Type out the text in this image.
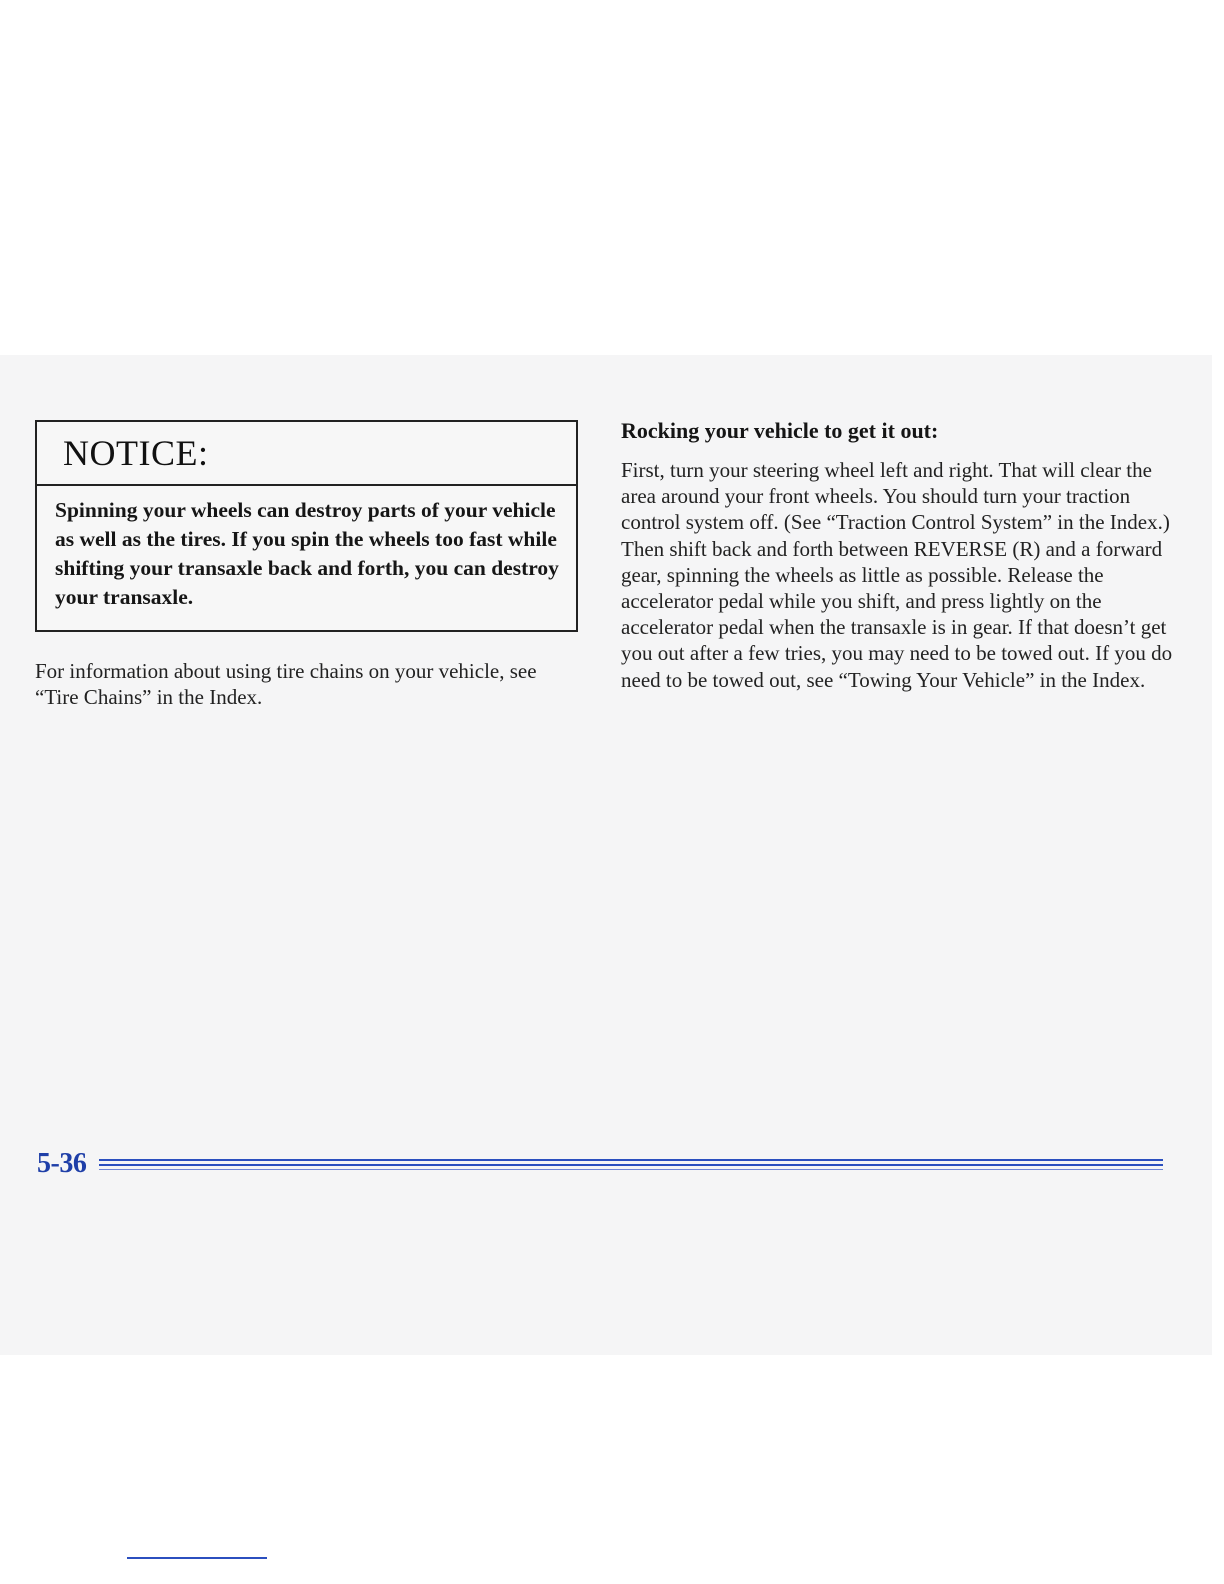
NOTICE:
Spinning your wheels can destroy parts of your vehicle as well as the tires. If you spin the wheels too fast while shifting your transaxle back and forth, you can destroy your transaxle.
For information about using tire chains on your vehicle, see “Tire Chains” in the Index.
Rocking your vehicle to get it out:

First, turn your steering wheel left and right. That will clear the area around your front wheels. You should turn your traction control system off. (See “Traction Control System” in the Index.) Then shift back and forth between REVERSE (R) and a forward gear, spinning the wheels as little as possible. Release the accelerator pedal while you shift, and press lightly on the accelerator pedal when the transaxle is in gear. If that doesn’t get you out after a few tries, you may need to be towed out. If you do need to be towed out, see “Towing Your Vehicle” in the Index.

5-36
